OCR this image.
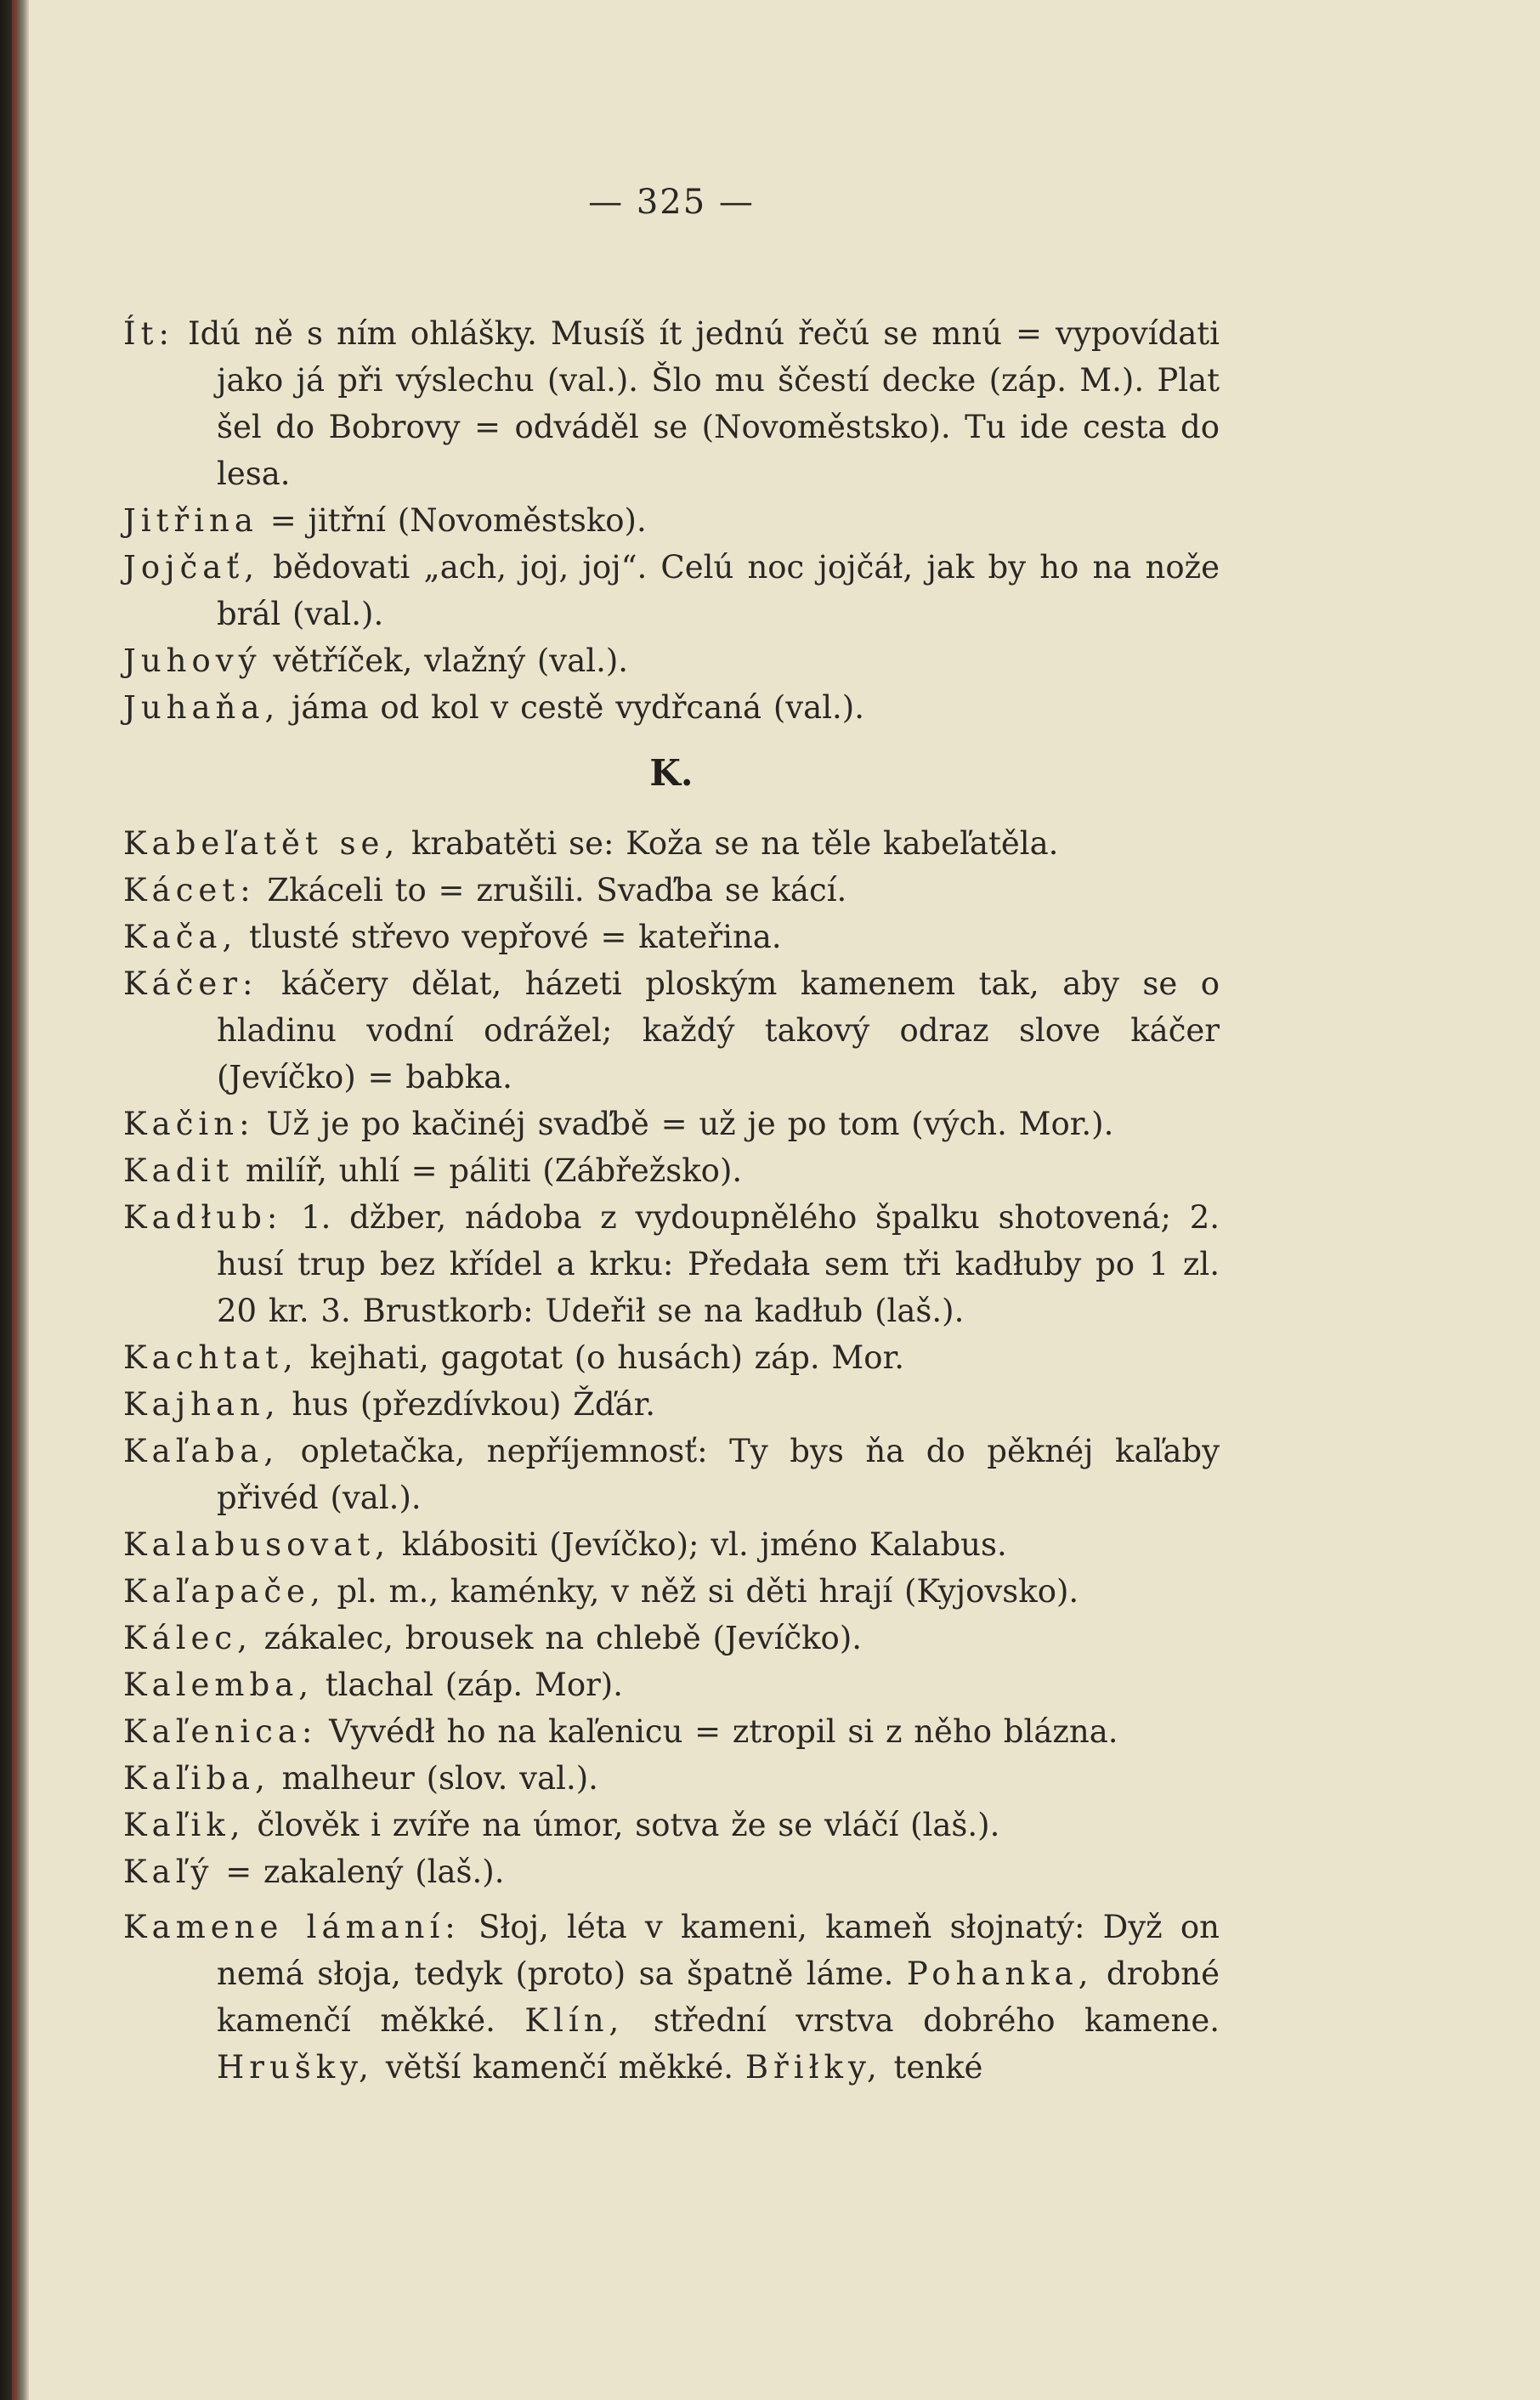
— 325 —

Ít: Idú ně s ním ohlášky. Musíš ít jednú řečú se mnú = vypovídati jako já při výslechu (val.). Šlo mu ščestí decke (záp. M.). Plat šel do Bobrovy = odváděl se (Novoměstsko). Tu ide cesta do lesa.

Jitřina = jitřní (Novoměstsko).

Jojčať, bědovati „ach, joj, joj“. Celú noc jojčáł, jak by ho na nože brál (val.).

Juhový větříček, vlažný (val.).

Juhaňa, jáma od kol v cestě vydřcaná (val.).

K.

Kabeľatět se, krabatěti se: Koža se na těle kabeľatěla.

Kácet: Zkáceli to = zrušili. Svaďba se kácí.

Kača, tlusté střevo vepřové = kateřina.

Káčer: káčery dělat, házeti ploským kamenem tak, aby se o hladinu vodní odrážel; každý takový odraz slove káčer (Jevíčko) = babka.

Kačin: Už je po kačinéj svaďbě = už je po tom (vých. Mor.).

Kadit milíř, uhlí = páliti (Zábřežsko).

Kadłub: 1. džber, nádoba z vydoupnělého špalku shotovená; 2. husí trup bez křídel a krku: Předała sem tři kadłuby po 1 zl. 20 kr. 3. Brustkorb: Udeřił se na kadłub (laš.).

Kachtat, kejhati, gagotat (o husách) záp. Mor.

Kajhan, hus (přezdívkou) Žďár.

Kaľaba, opletačka, nepříjemnosť: Ty bys ňa do pěknéj kaľaby přivéd (val.).

Kalabusovat, klábositi (Jevíčko); vl. jméno Kalabus.

Kaľapače, pl. m., kaménky, v něž si děti hrají (Kyjovsko).

Kálec, zákalec, brousek na chlebě (Jevíčko).

Kalemba, tlachal (záp. Mor).

Kaľenica: Vyvédł ho na kaľenicu = ztropil si z něho blázna.

Kaľiba, malheur (slov. val.).

Kaľik, člověk i zvíře na úmor, sotva že se vláčí (laš.).

Kaľý = zakalený (laš.).

Kamene lámaní: Słoj, léta v kameni, kameň słojnatý: Dyž on nemá słoja, tedyk (proto) sa špatně láme. Pohanka, drobné kamenčí měkké. Klín, střední vrstva dobrého kamene. Hrušky, větší kamenčí měkké. Břiłky, tenké
